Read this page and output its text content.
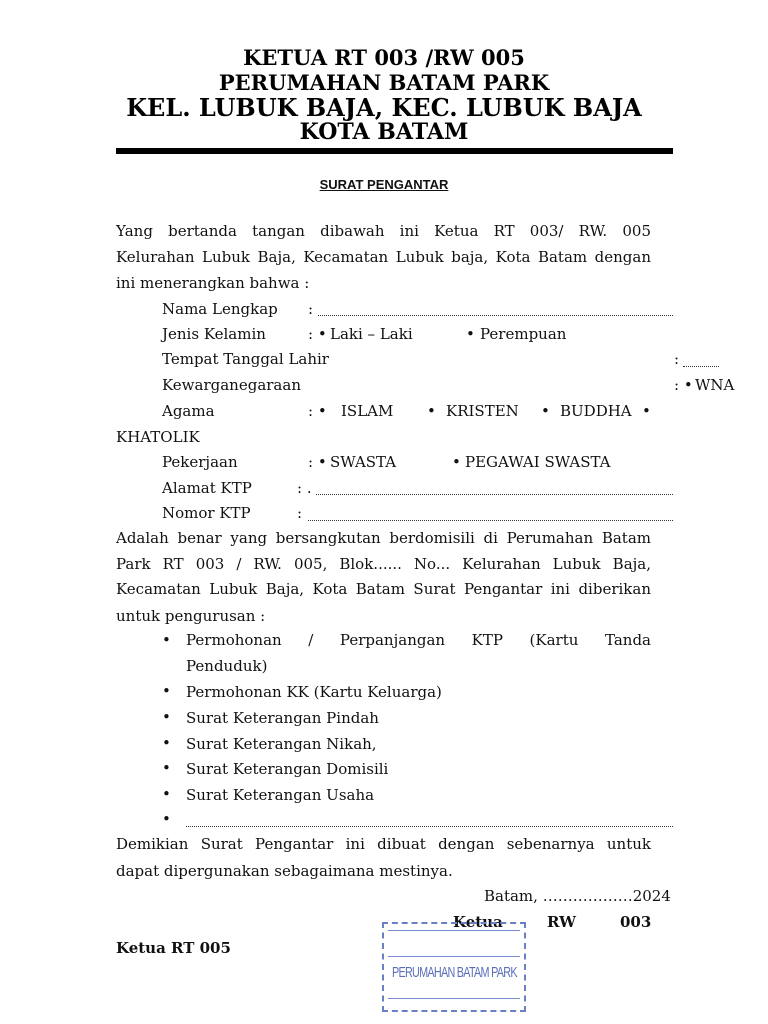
KETUA RT 003 /RW 005
PERUMAHAN BATAM PARK
KEL. LUBUK BAJA, KEC. LUBUK BAJA
KOTA BATAM
SURAT PENGANTAR
Yang bertanda tangan dibawah ini Ketua RT 003/ RW. 005
Kelurahan Lubuk Baja, Kecamatan Lubuk baja, Kota Batam dengan
ini menerangkan bahwa :
Nama Lengkap :
Jenis Kelamin	: • Laki – Laki	• Perempuan
Tempat Tanggal Lahir	:
Kewarganegaraan	: • WNA
Agama	: • ISLAM • KRISTEN • BUDDHA •
KHATOLIK
Pekerjaan	: • SWASTA	• PEGAWAI SWASTA
Alamat KTP	: .
Nomor KTP	:
Adalah benar yang bersangkutan berdomisili di Perumahan Batam
Park RT 003 / RW. 005, Blok...... No... Kelurahan Lubuk Baja,
Kecamatan Lubuk Baja, Kota Batam Surat Pengantar ini diberikan
untuk pengurusan :
• Permohonan / Perpanjangan KTP (Kartu Tanda
Penduduk)
• Permohonan KK (Kartu Keluarga)
• Surat Keterangan Pindah
• Surat Keterangan Nikah,
• Surat Keterangan Domisili
• Surat Keterangan Usaha
•
Demikian Surat Pengantar ini dibuat dengan sebenarnya untuk
dapat dipergunakan sebagaimana mestinya.
Batam, ………………2024
Ketua	RW	003
Ketua RT 005
PERUMAHAN BATAM PARK
